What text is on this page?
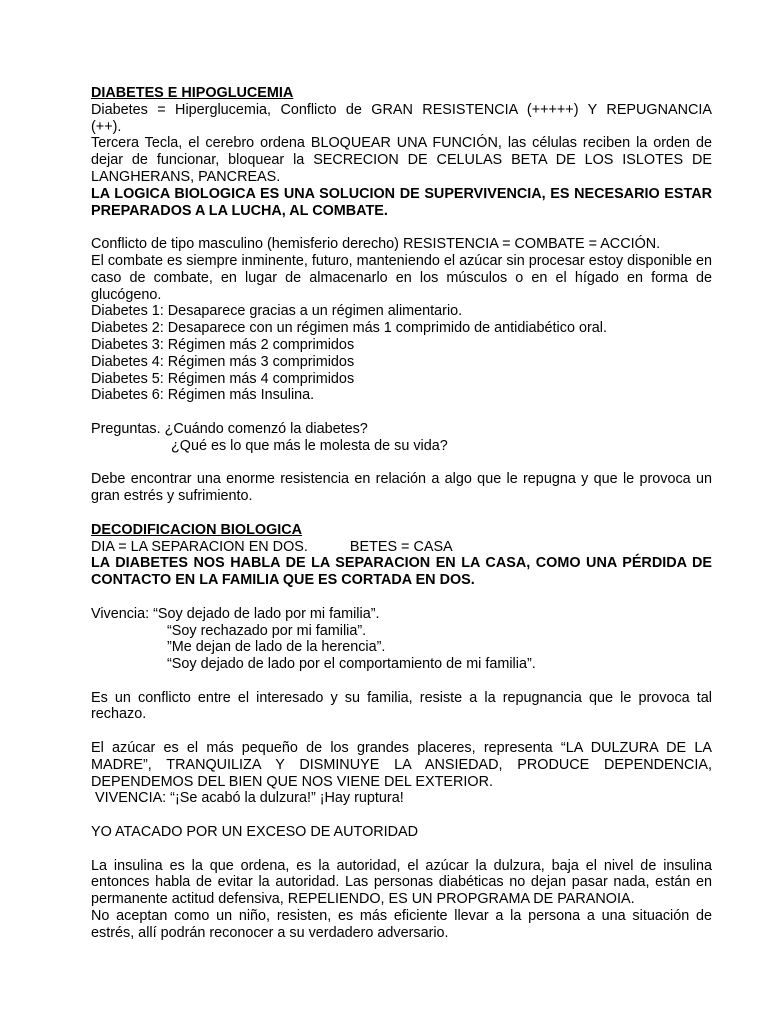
DIABETES E HIPOGLUCEMIA

Diabetes = Hiperglucemia, Conflicto de GRAN RESISTENCIA (+++++) Y REPUGNANCIA

(++).

Tercera Tecla, el cerebro ordena BLOQUEAR UNA FUNCIÓN, las células reciben la orden de dejar de funcionar, bloquear la SECRECION DE CELULAS BETA DE LOS ISLOTES DE LANGHERANS, PANCREAS.

LA LOGICA BIOLOGICA ES UNA SOLUCION DE SUPERVIVENCIA, ES NECESARIO ESTAR PREPARADOS A LA LUCHA, AL COMBATE.

Conflicto de tipo masculino (hemisferio derecho) RESISTENCIA = COMBATE = ACCIÓN.

El combate es siempre inminente, futuro, manteniendo el azúcar sin procesar estoy disponible en caso de combate, en lugar de almacenarlo en los músculos o en el hígado en forma de glucógeno.

Diabetes 1: Desaparece gracias a un régimen alimentario.

Diabetes 2: Desaparece con un régimen más 1 comprimido de antidiabético oral.

Diabetes 3: Régimen más 2 comprimidos

Diabetes 4: Régimen más 3 comprimidos

Diabetes 5: Régimen más 4 comprimidos

Diabetes 6: Régimen más Insulina.

Preguntas. ¿Cuándo comenzó la diabetes?

¿Qué es lo que más le molesta de su vida?

Debe encontrar una enorme resistencia en relación a algo que le repugna y que le provoca un gran estrés y sufrimiento.

DECODIFICACION BIOLOGICA

DIA = LA SEPARACION EN DOS.	BETES = CASA

LA DIABETES NOS HABLA DE LA SEPARACION EN LA CASA, COMO UNA PÉRDIDA DE CONTACTO EN LA FAMILIA QUE ES CORTADA EN DOS.

Vivencia: “Soy dejado de lado por mi familia”.

“Soy rechazado por mi familia”.

”Me dejan de lado de la herencia”.

“Soy dejado de lado por el comportamiento de mi familia”.

Es un conflicto entre el interesado y su familia, resiste a la repugnancia que le provoca tal rechazo.

El azúcar es el más pequeño de los grandes placeres, representa “LA DULZURA DE LA MADRE”, TRANQUILIZA Y DISMINUYE LA ANSIEDAD, PRODUCE DEPENDENCIA, DEPENDEMOS DEL BIEN QUE NOS VIENE DEL EXTERIOR.

VIVENCIA: “¡Se acabó la dulzura!” ¡Hay ruptura!

YO ATACADO POR UN EXCESO DE AUTORIDAD

La insulina es la que ordena, es la autoridad, el azúcar la dulzura, baja el nivel de insulina entonces habla de evitar la autoridad. Las personas diabéticas no dejan pasar nada, están en permanente actitud defensiva, REPELIENDO, ES UN PROPGRAMA DE PARANOIA.

No aceptan como un niño, resisten, es más eficiente llevar a la persona a una situación de estrés, allí podrán reconocer a su verdadero adversario.
